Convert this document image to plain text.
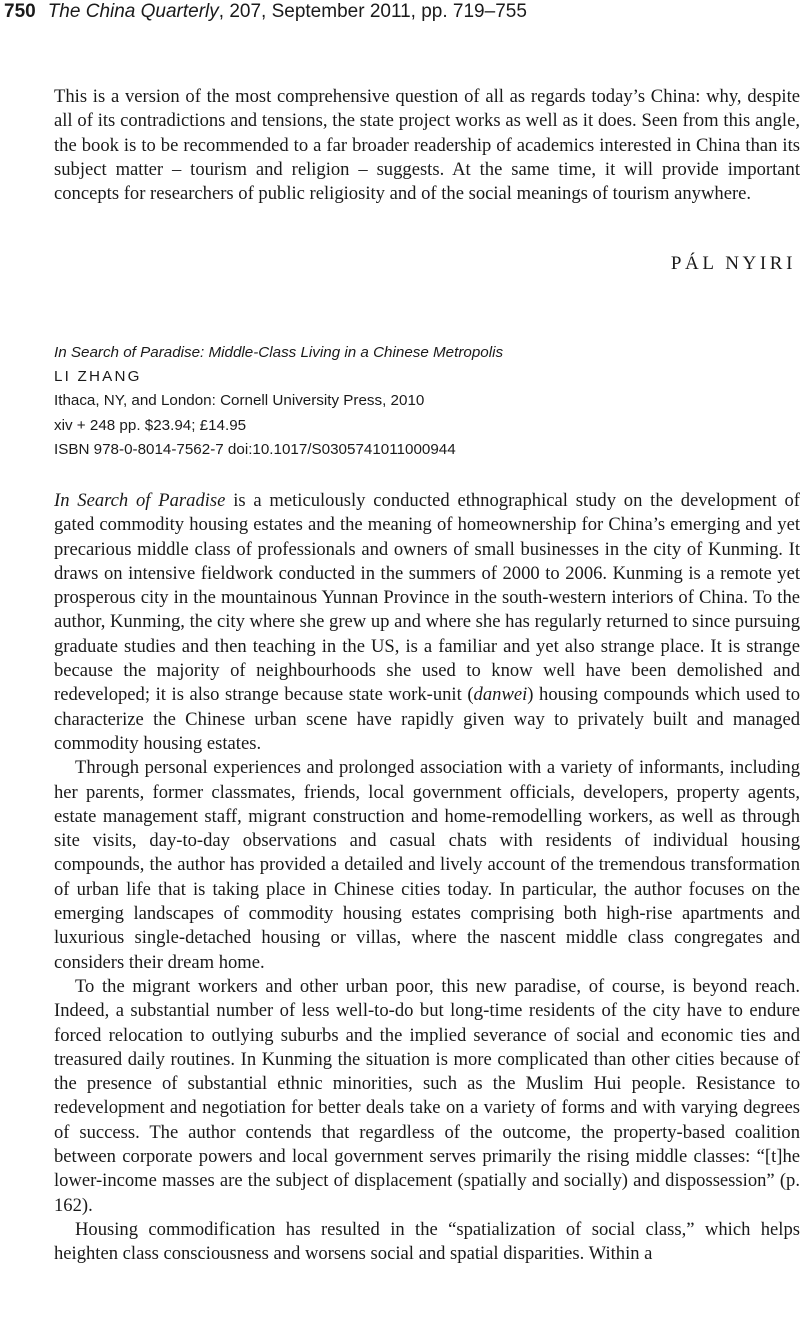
750 The China Quarterly, 207, September 2011, pp. 719–755

This is a version of the most comprehensive question of all as regards today’s China: why, despite all of its contradictions and tensions, the state project works as well as it does. Seen from this angle, the book is to be recommended to a far broader readership of academics interested in China than its subject matter – tourism and religion – suggests. At the same time, it will provide important concepts for researchers of public religiosity and of the social meanings of tourism anywhere.

PÁL NYIRI
In Search of Paradise: Middle-Class Living in a Chinese Metropolis
LI ZHANG
Ithaca, NY, and London: Cornell University Press, 2010
xiv + 248 pp. $23.94; £14.95
ISBN 978-0-8014-7562-7 doi:10.1017/S0305741011000944

In Search of Paradise is a meticulously conducted ethnographical study on the development of gated commodity housing estates and the meaning of homeownership for China’s emerging and yet precarious middle class of professionals and owners of small businesses in the city of Kunming. It draws on intensive fieldwork conducted in the summers of 2000 to 2006. Kunming is a remote yet prosperous city in the mountainous Yunnan Province in the south-western interiors of China. To the author, Kunming, the city where she grew up and where she has regularly returned to since pursuing graduate studies and then teaching in the US, is a familiar and yet also strange place. It is strange because the majority of neighbourhoods she used to know well have been demolished and redeveloped; it is also strange because state work-unit (danwei) housing compounds which used to characterize the Chinese urban scene have rapidly given way to privately built and managed commodity housing estates.

Through personal experiences and prolonged association with a variety of informants, including her parents, former classmates, friends, local government officials, developers, property agents, estate management staff, migrant construction and home-remodelling workers, as well as through site visits, day-to-day observations and casual chats with residents of individual housing compounds, the author has provided a detailed and lively account of the tremendous transformation of urban life that is taking place in Chinese cities today. In particular, the author focuses on the emerging landscapes of commodity housing estates comprising both high-rise apartments and luxurious single-detached housing or villas, where the nascent middle class congregates and considers their dream home.

To the migrant workers and other urban poor, this new paradise, of course, is beyond reach. Indeed, a substantial number of less well-to-do but long-time residents of the city have to endure forced relocation to outlying suburbs and the implied severance of social and economic ties and treasured daily routines. In Kunming the situation is more complicated than other cities because of the presence of substantial ethnic minorities, such as the Muslim Hui people. Resistance to redevelopment and negotiation for better deals take on a variety of forms and with varying degrees of success. The author contends that regardless of the outcome, the property-based coalition between corporate powers and local government serves primarily the rising middle classes: “[t]he lower-income masses are the subject of displacement (spatially and socially) and dispossession” (p. 162).

Housing commodification has resulted in the “spatialization of social class,” which helps heighten class consciousness and worsens social and spatial disparities. Within a
